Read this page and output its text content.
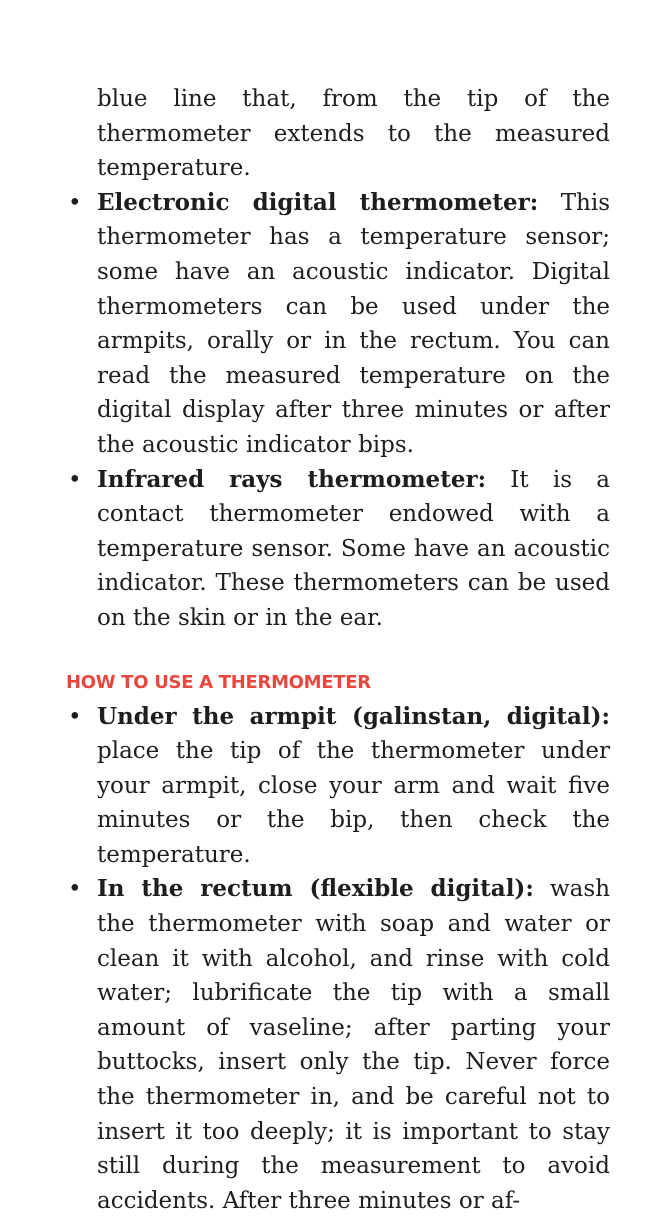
blue line that, from the tip of the thermometer extends to the measured temperature.

• Electronic digital thermometer: This thermometer has a temperature sensor; some have an acoustic indicator. Digital thermometers can be used under the armpits, orally or in the rectum. You can read the measured temperature on the digital display after three minutes or after the acoustic indicator bips.
• Infrared rays thermometer: It is a contact thermometer endowed with a temperature sensor. Some have an acoustic indicator. These thermometers can be used on the skin or in the ear.
HOW TO USE A THERMOMETER
• Under the armpit (galinstan, digital): place the tip of the thermometer under your armpit, close your arm and wait five minutes or the bip, then check the temperature.
• In the rectum (flexible digital): wash the thermometer with soap and water or clean it with alcohol, and rinse with cold water; lubrificate the tip with a small amount of vaseline; after parting your buttocks, insert only the tip. Never force the thermometer in, and be careful not to insert it too deeply; it is important to stay still during the measurement to avoid accidents. After three minutes or af-
